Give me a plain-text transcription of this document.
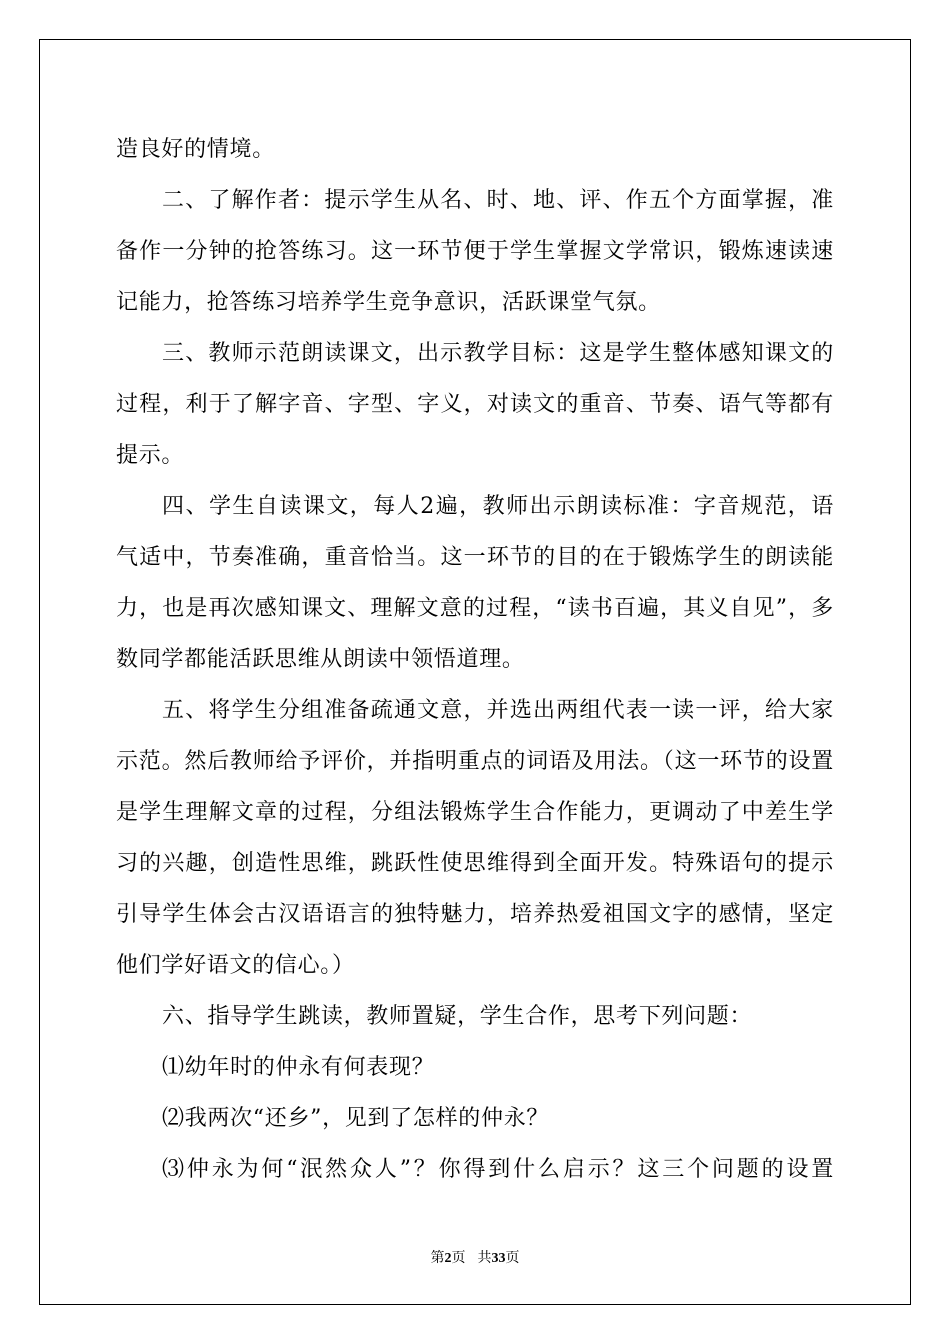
造良好的情境。

二、了解作者：提示学生从名、时、地、评、作五个方面掌握，准备作一分钟的抢答练习。这一环节便于学生掌握文学常识，锻炼速读速记能力，抢答练习培养学生竞争意识，活跃课堂气氛。

三、教师示范朗读课文，出示教学目标：这是学生整体感知课文的过程，利于了解字音、字型、字义，对读文的重音、节奏、语气等都有提示。

四、学生自读课文，每人2遍，教师出示朗读标准：字音规范，语气适中，节奏准确，重音恰当。这一环节的目的在于锻炼学生的朗读能力，也是再次感知课文、理解文意的过程，“读书百遍，其义自见”，多数同学都能活跃思维从朗读中领悟道理。

五、将学生分组准备疏通文意，并选出两组代表一读一评，给大家示范。然后教师给予评价，并指明重点的词语及用法。（这一环节的设置是学生理解文章的过程，分组法锻炼学生合作能力，更调动了中差生学习的兴趣，创造性思维，跳跃性使思维得到全面开发。特殊语句的提示引导学生体会古汉语语言的独特魅力，培养热爱祖国文字的感情，坚定他们学好语文的信心。）

六、指导学生跳读，教师置疑，学生合作，思考下列问题：

⑴幼年时的仲永有何表现？

⑵我两次“还乡”，见到了怎样的仲永？

⑶仲永为何“泯然众人”？你得到什么启示？这三个问题的设置

第2页 共33页
